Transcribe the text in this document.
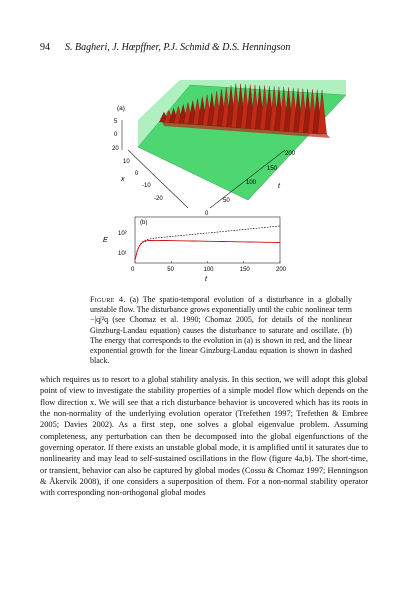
94 S. Bagheri, J. Hœpffner, P.J. Schmid & D.S. Henningson
5
0
20
10
0
-10
-20
x
0
50
100
150
200
t
(a)
(b)
E
10²
10¹
0	50	100	150	200
t
Figure 4. (a) The spatio-temporal evolution of a disturbance in a globally unstable flow. The disturbance grows exponentially until the cubic nonlinear term −|q|²q (see Chomaz et al. 1990; Chomaz 2005, for details of the nonlinear Ginzburg-Landau equation) causes the disturbance to saturate and oscillate. (b) The energy that corresponds to the evolution in (a) is shown in red, and the linear exponential growth for the linear Ginzburg-Landau equation is shown in dashed black.

which requires us to resort to a global stability analysis. In this section, we will adopt this global point of view to investigate the stability properties of a simple model flow which depends on the flow direction x. We will see that a rich disturbance behavior is uncovered which has its roots in the non-normality of the underlying evolution operator (Trefethen 1997; Trefethen & Embree 2005; Davies 2002). As a first step, one solves a global eigenvalue problem. Assuming completeness, any perturbation can then be decomposed into the global eigenfunctions of the governing operator. If there exists an unstable global mode, it is amplified until it saturates due to nonlinearity and may lead to self-sustained oscillations in the flow (figure 4a,b). The short-time, or transient, behavior can also be captured by global modes (Cossu & Chomaz 1997; Henningson & Åkervik 2008), if one considers a superposition of them. For a non-normal stability operator with corresponding non-orthogonal global modes
